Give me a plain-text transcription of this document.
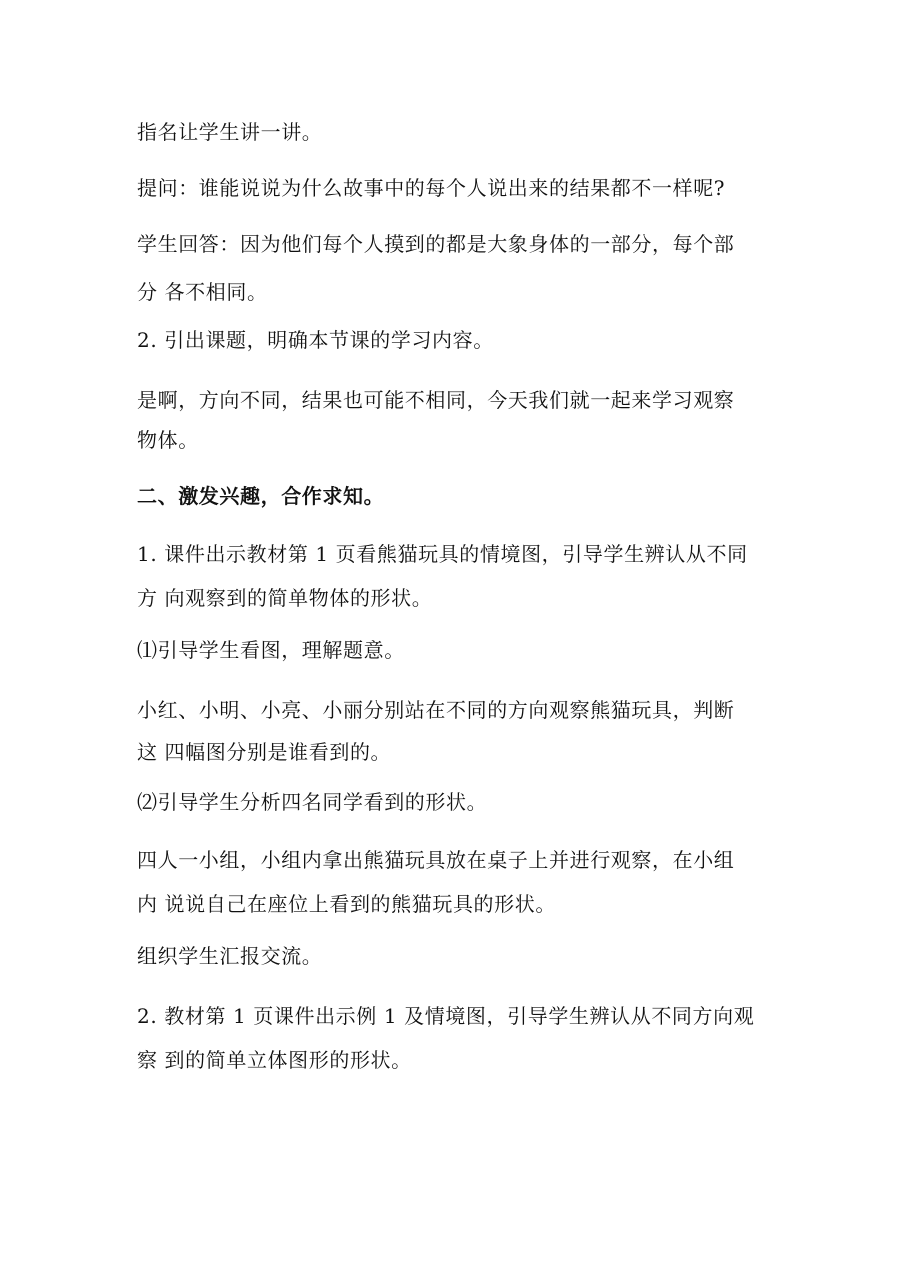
指名让学生讲一讲。
提问：谁能说说为什么故事中的每个人说出来的结果都不一样呢?
学生回答：因为他们每个人摸到的都是大象身体的一部分，每个部
分 各不相同。
2. 引出课题，明确本节课的学习内容。
是啊，方向不同，结果也可能不相同，今天我们就一起来学习观察
物体。
二、激发兴趣，合作求知。
1. 课件出示教材第 1 页看熊猫玩具的情境图，引导学生辨认从不同
方 向观察到的简单物体的形状。
⑴引导学生看图，理解题意。
小红、小明、小亮、小丽分别站在不同的方向观察熊猫玩具，判断
这 四幅图分别是谁看到的。
⑵引导学生分析四名同学看到的形状。
四人一小组，小组内拿出熊猫玩具放在桌子上并进行观察，在小组
内 说说自己在座位上看到的熊猫玩具的形状。
组织学生汇报交流。
2. 教材第 1 页课件出示例 1 及情境图，引导学生辨认从不同方向观
察 到的简单立体图形的形状。
